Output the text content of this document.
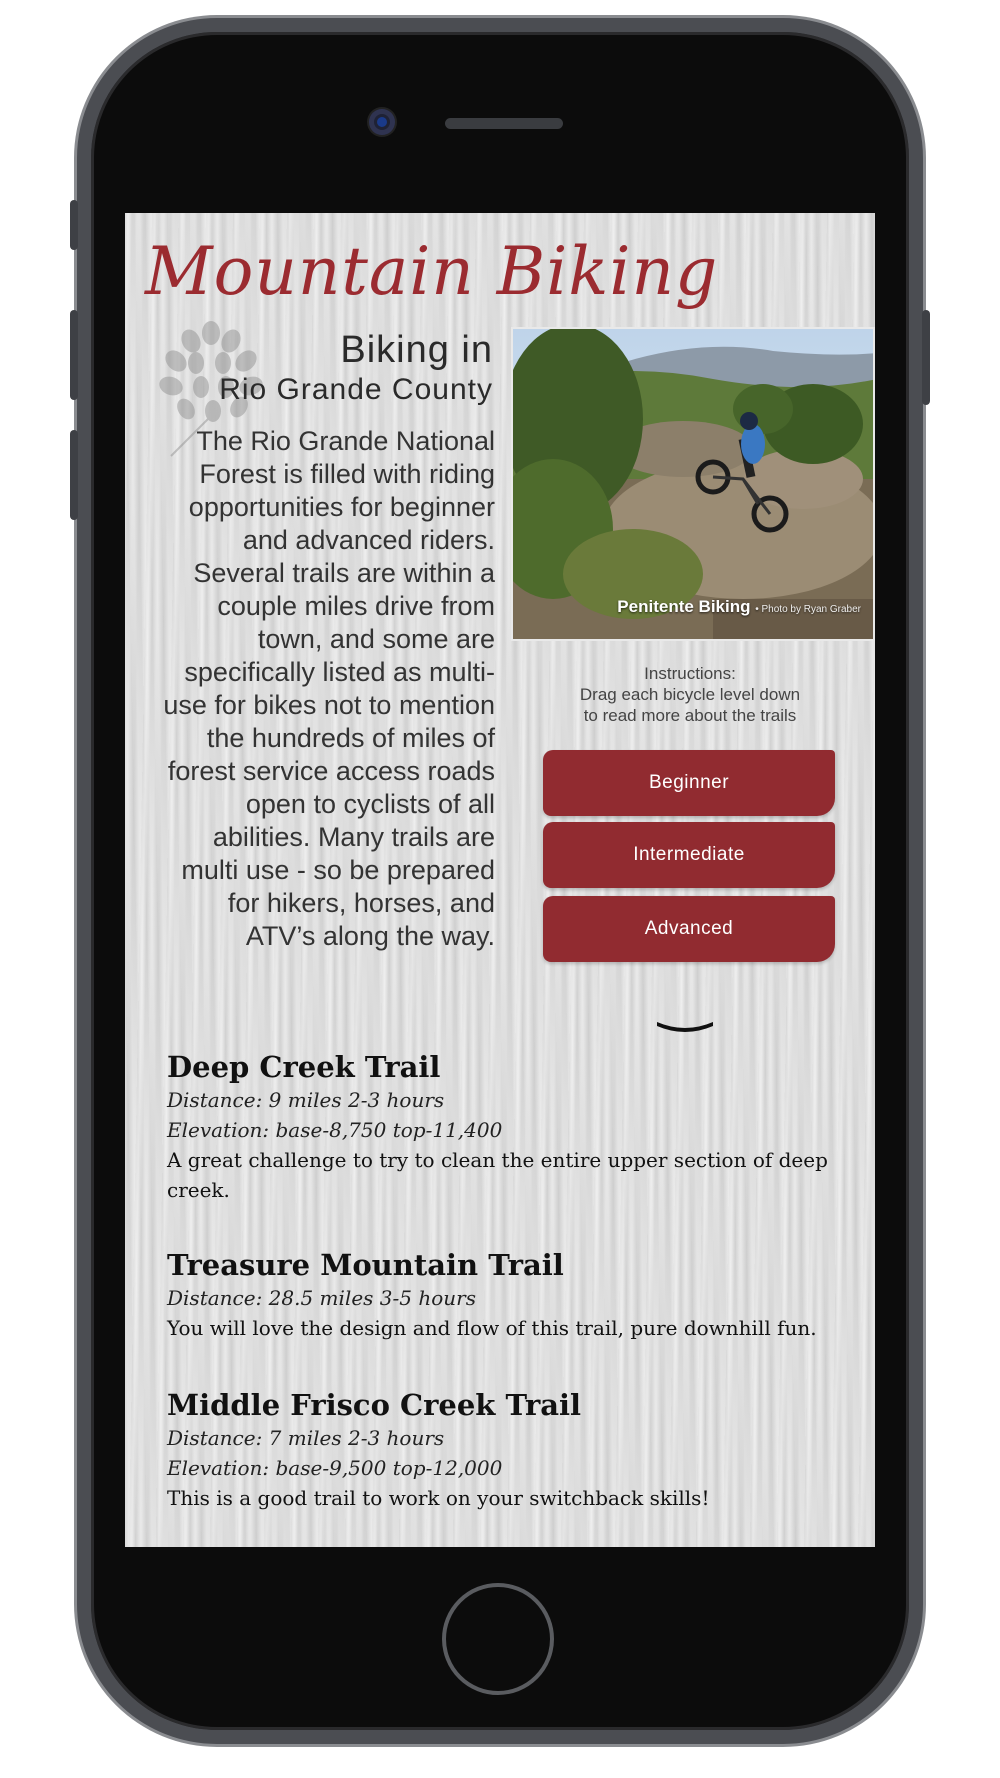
Mountain Biking
Biking in
Rio Grande County

The Rio Grande National Forest is filled with riding opportunities for beginner and advanced riders. Several trails are within a couple miles drive from town, and some are specifically listed as multi-use for bikes not to mention the hundreds of miles of forest service access roads open to cyclists of all abilities. Many trails are multi use - so be prepared for hikers, horses, and ATV’s along the way.

Penitente Biking • Photo by Ryan Graber
Instructions:
Drag each bicycle level down
to read more about the trails
Beginner
Intermediate
Advanced
Deep Creek Trail

Distance: 9 miles 2-3 hours

Elevation: base-8,750 top-11,400

A great challenge to try to clean the entire upper section of deep creek.

Treasure Mountain Trail

Distance: 28.5 miles 3-5 hours

You will love the design and flow of this trail, pure downhill fun.

Middle Frisco Creek Trail

Distance: 7 miles 2-3 hours

Elevation: base-9,500 top-12,000

This is a good trail to work on your switchback skills!
